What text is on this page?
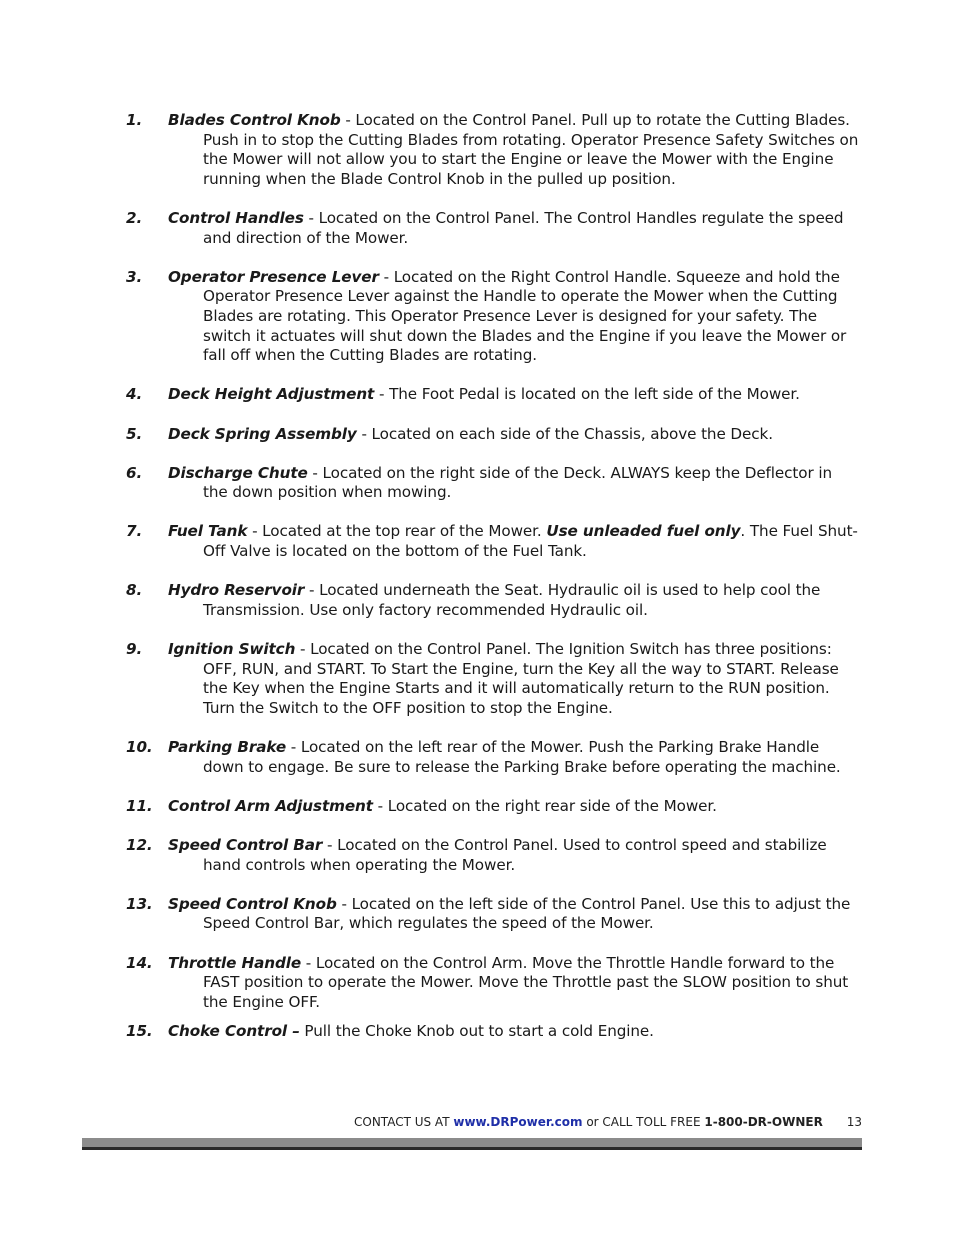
1. Blades Control Knob - Located on the Control Panel. Pull up to rotate the Cutting Blades. Push in to stop the Cutting Blades from rotating. Operator Presence Safety Switches on the Mower will not allow you to start the Engine or leave the Mower with the Engine running when the Blade Control Knob in the pulled up position.

2. Control Handles - Located on the Control Panel. The Control Handles regulate the speed and direction of the Mower.

3. Operator Presence Lever - Located on the Right Control Handle. Squeeze and hold the Operator Presence Lever against the Handle to operate the Mower when the Cutting Blades are rotating. This Operator Presence Lever is designed for your safety. The switch it actuates will shut down the Blades and the Engine if you leave the Mower or fall off when the Cutting Blades are rotating.

4. Deck Height Adjustment - The Foot Pedal is located on the left side of the Mower.

5. Deck Spring Assembly - Located on each side of the Chassis, above the Deck.

6. Discharge Chute - Located on the right side of the Deck. ALWAYS keep the Deflector in the down position when mowing.

7. Fuel Tank - Located at the top rear of the Mower. Use unleaded fuel only. The Fuel Shut-Off Valve is located on the bottom of the Fuel Tank.

8. Hydro Reservoir - Located underneath the Seat. Hydraulic oil is used to help cool the Transmission. Use only factory recommended Hydraulic oil.

9. Ignition Switch - Located on the Control Panel. The Ignition Switch has three positions: OFF, RUN, and START. To Start the Engine, turn the Key all the way to START. Release the Key when the Engine Starts and it will automatically return to the RUN position. Turn the Switch to the OFF position to stop the Engine.

10. Parking Brake - Located on the left rear of the Mower. Push the Parking Brake Handle down to engage. Be sure to release the Parking Brake before operating the machine.

11. Control Arm Adjustment - Located on the right rear side of the Mower.

12. Speed Control Bar - Located on the Control Panel. Used to control speed and stabilize hand controls when operating the Mower.

13. Speed Control Knob - Located on the left side of the Control Panel. Use this to adjust the Speed Control Bar, which regulates the speed of the Mower.

14. Throttle Handle - Located on the Control Arm. Move the Throttle Handle forward to the FAST position to operate the Mower. Move the Throttle past the SLOW position to shut the Engine OFF.

15. Choke Control – Pull the Choke Knob out to start a cold Engine.

CONTACT US AT www.DRPower.com or CALL TOLL FREE 1-800-DR-OWNER 13
